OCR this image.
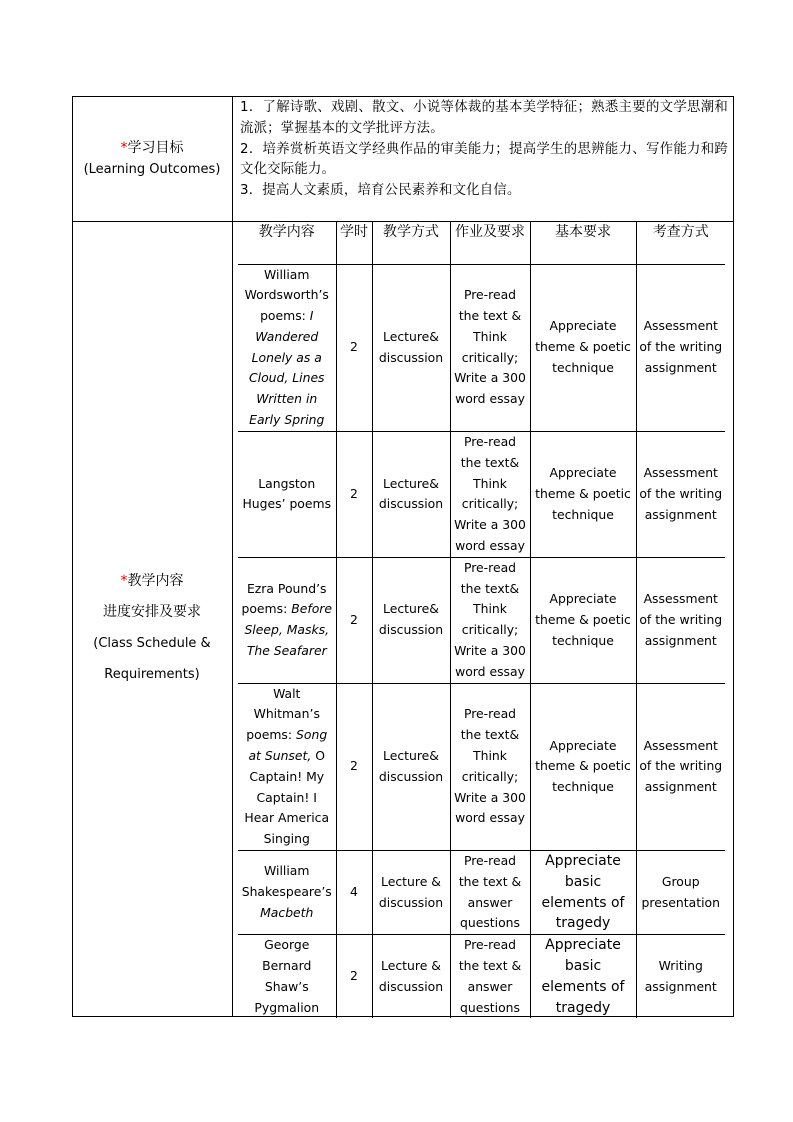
*学习目标
(Learning Outcomes)

1．了解诗歌、戏剧、散文、小说等体裁的基本美学特征；熟悉主要的文学思潮和流派；掌握基本的文学批评方法。

2．培养赏析英语文学经典作品的审美能力；提高学生的思辨能力、写作能力和跨文化交际能力。

3．提高人文素质，培育公民素养和文化自信。

*教学内容
进度安排及要求
(Class Schedule &
Requirements)
教学内容	学时	教学方式	作业及要求	基本要求	考查方式
William Wordsworth’s poems: I Wandered Lonely as a Cloud, Lines Written in Early Spring	2	Lecture& discussion	Pre-read the text & Think critically; Write a 300 word essay	Appreciate theme & poetic technique	Assessment of the writing assignment
Langston Huges’ poems	2	Lecture& discussion	Pre-read the text& Think critically; Write a 300 word essay	Appreciate theme & poetic technique	Assessment of the writing assignment
Ezra Pound’s poems: Before Sleep, Masks, The Seafarer	2	Lecture& discussion	Pre-read the text& Think critically; Write a 300 word essay	Appreciate theme & poetic technique	Assessment of the writing assignment
Walt Whitman’s poems: Song at Sunset, O Captain! My Captain! I Hear America Singing	2	Lecture& discussion	Pre-read the text& Think critically; Write a 300 word essay	Appreciate theme & poetic technique	Assessment of the writing assignment
William Shakespeare’s Macbeth	4	Lecture & discussion	Pre-read the text & answer questions	Appreciate basic elements of tragedy	Group presentation
George Bernard Shaw’s Pygmalion	2	Lecture & discussion	Pre-read the text & answer questions	Appreciate basic elements of tragedy	Writing assignment
